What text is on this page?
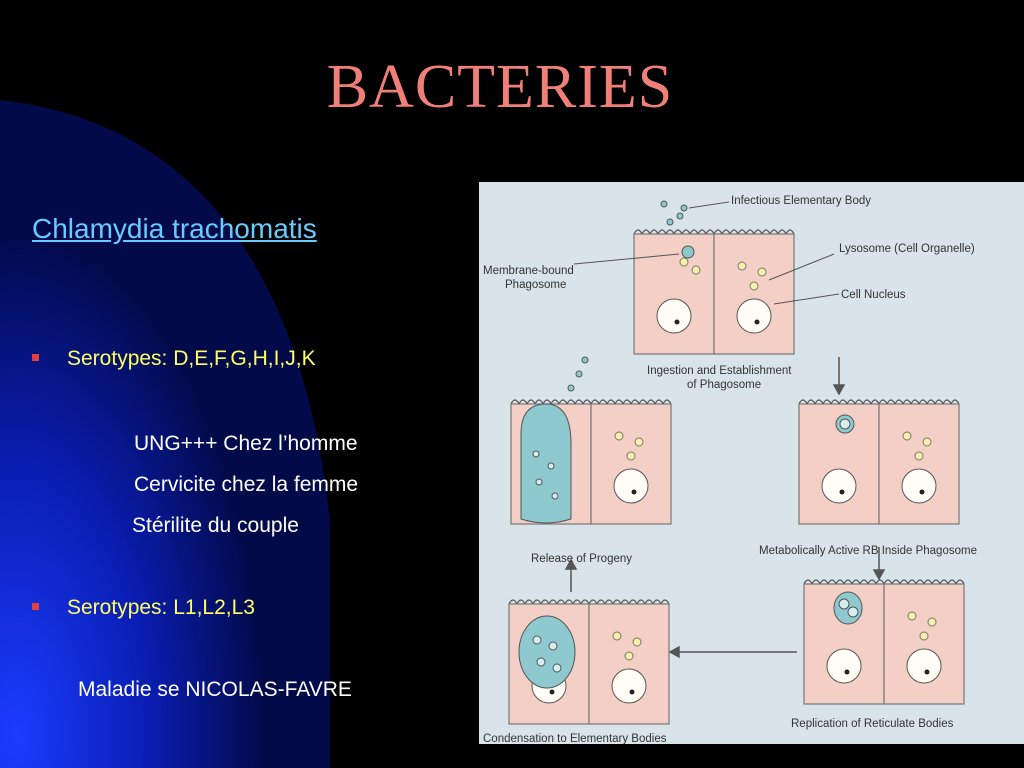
BACTERIES
Chlamydia trachomatis
Serotypes: D,E,F,G,H,I,J,K
UNG+++ Chez l’homme
Cervicite chez la femme
Stérilite du couple
Serotypes: L1,L2,L3
Maladie se NICOLAS-FAVRE
Infectious Elementary Body
Lysosome (Cell Organelle)
Membrane-bound
Phagosome
Cell Nucleus
Ingestion and Establishment
of Phagosome
Metabolically Active RB Inside Phagosome
Release of Progeny
Replication of Reticulate Bodies
Condensation to Elementary Bodies
